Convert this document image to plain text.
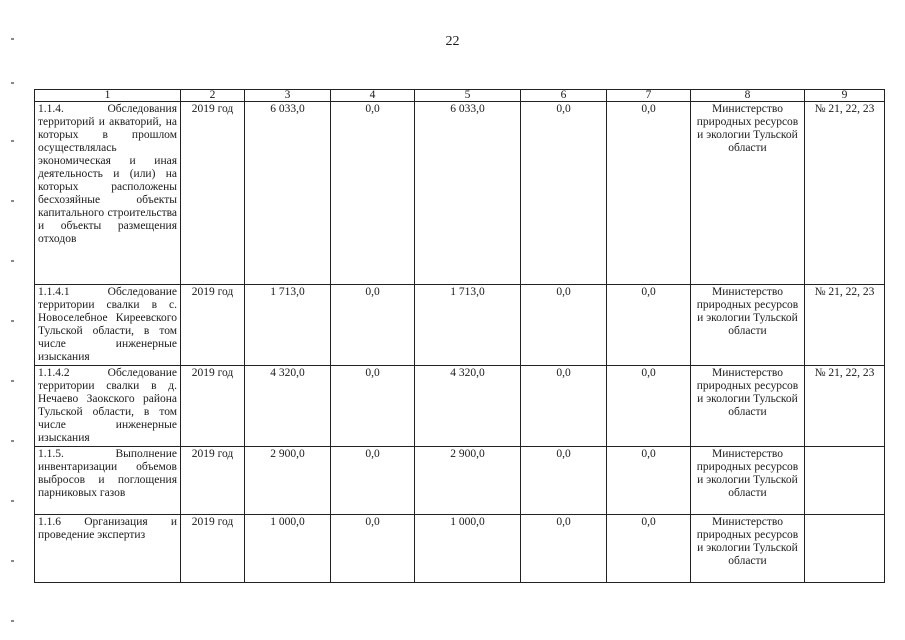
22
1	2	3	4	5	6	7	8	9
1.1.4. Обследования территорий и акваторий, на которых в прошлом осуществлялась экономическая и иная деятельность и (или) на которых расположены бесхозяйные объекты капитального строительства и объекты размещения отходов	2019 год	6 033,0	0,0	6 033,0	0,0	0,0	Министерство природных ресурсов и экологии Тульской области	№ 21, 22, 23
1.1.4.1 Обследование территории свалки в с. Новоселебное Киреевского Тульской области, в том числе инженерные изыскания	2019 год	1 713,0	0,0	1 713,0	0,0	0,0	Министерство природных ресурсов и экологии Тульской области	№ 21, 22, 23
1.1.4.2 Обследование территории свалки в д. Нечаево Заокского района Тульской области, в том числе инженерные изыскания	2019 год	4 320,0	0,0	4 320,0	0,0	0,0	Министерство природных ресурсов и экологии Тульской области	№ 21, 22, 23
1.1.5. Выполнение инвентаризации объемов выбросов и поглощения парниковых газов	2019 год	2 900,0	0,0	2 900,0	0,0	0,0	Министерство природных ресурсов и экологии Тульской области	
1.1.6 Организация и проведение экспертиз	2019 год	1 000,0	0,0	1 000,0	0,0	0,0	Министерство природных ресурсов и экологии Тульской области	
